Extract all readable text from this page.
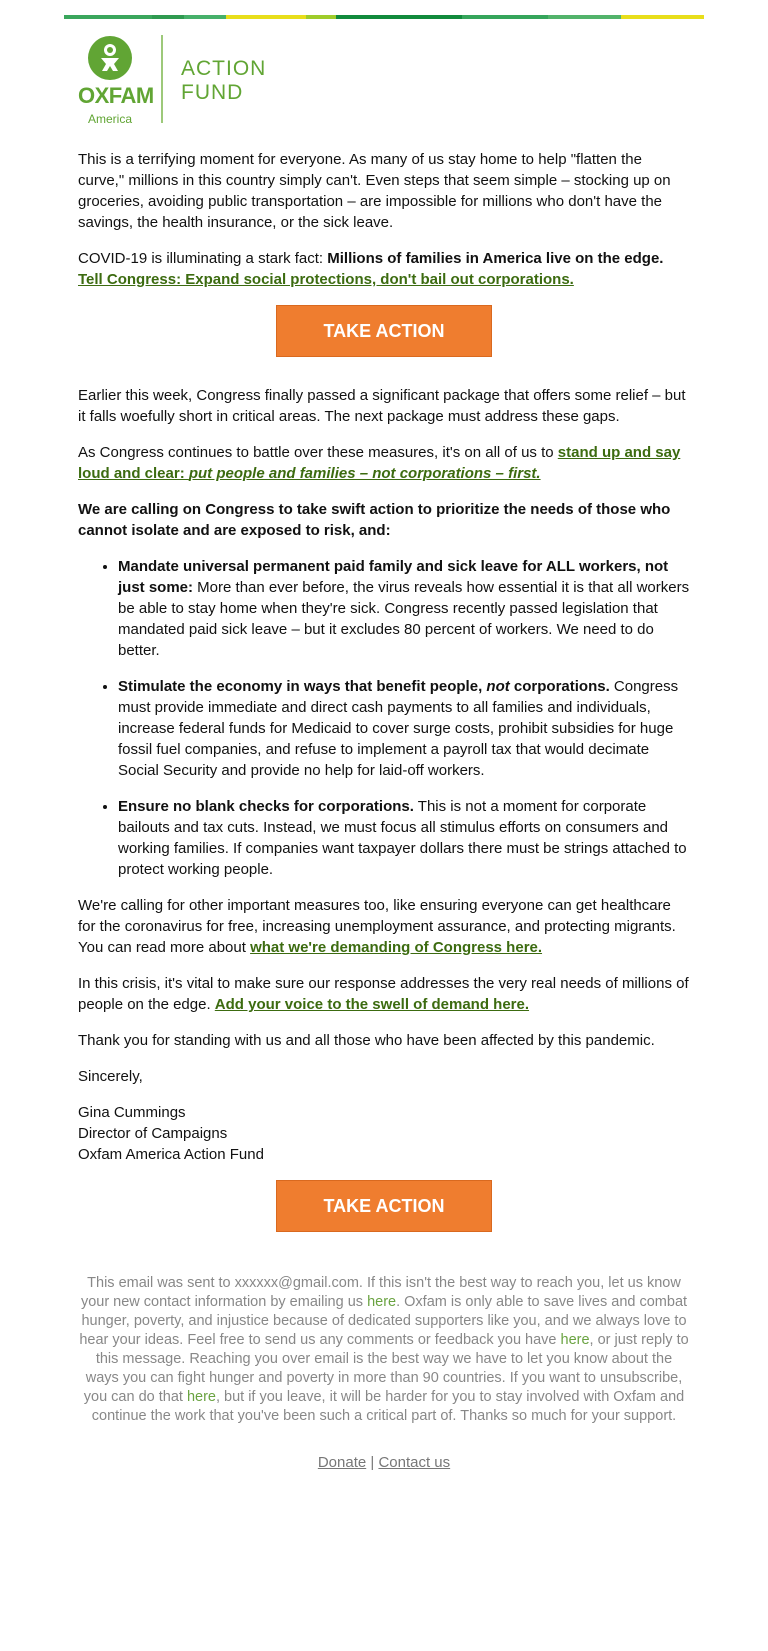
OXFAM
America
ACTION
FUND

This is a terrifying moment for everyone. As many of us stay home to help "flatten the curve," millions in this country simply can't. Even steps that seem simple – stocking up on groceries, avoiding public transportation – are impossible for millions who don't have the savings, the health insurance, or the sick leave.

COVID-19 is illuminating a stark fact: Millions of families in America live on the edge.
Tell Congress: Expand social protections, don't bail out corporations.

TAKE ACTION

Earlier this week, Congress finally passed a significant package that offers some relief – but it falls woefully short in critical areas. The next package must address these gaps.

As Congress continues to battle over these measures, it's on all of us to stand up and say loud and clear: put people and families – not corporations – first.

We are calling on Congress to take swift action to prioritize the needs of those who cannot isolate and are exposed to risk, and:

• Mandate universal permanent paid family and sick leave for ALL workers, not just some: More than ever before, the virus reveals how essential it is that all workers be able to stay home when they're sick. Congress recently passed legislation that mandated paid sick leave – but it excludes 80 percent of workers. We need to do better.
• Stimulate the economy in ways that benefit people, not corporations. Congress must provide immediate and direct cash payments to all families and individuals, increase federal funds for Medicaid to cover surge costs, prohibit subsidies for huge fossil fuel companies, and refuse to implement a payroll tax that would decimate Social Security and provide no help for laid-off workers.
• Ensure no blank checks for corporations. This is not a moment for corporate bailouts and tax cuts. Instead, we must focus all stimulus efforts on consumers and working families. If companies want taxpayer dollars there must be strings attached to protect working people.

We're calling for other important measures too, like ensuring everyone can get healthcare for the coronavirus for free, increasing unemployment assurance, and protecting migrants. You can read more about what we're demanding of Congress here.

In this crisis, it's vital to make sure our response addresses the very real needs of millions of people on the edge. Add your voice to the swell of demand here.

Thank you for standing with us and all those who have been affected by this pandemic.

Sincerely,

Gina Cummings
Director of Campaigns
Oxfam America Action Fund

TAKE ACTION
This email was sent to xxxxxx@gmail.com. If this isn't the best way to reach you, let us know your new contact information by emailing us here. Oxfam is only able to save lives and combat hunger, poverty, and injustice because of dedicated supporters like you, and we always love to hear your ideas. Feel free to send us any comments or feedback you have here, or just reply to this message. Reaching you over email is the best way we have to let you know about the ways you can fight hunger and poverty in more than 90 countries. If you want to unsubscribe, you can do that here, but if you leave, it will be harder for you to stay involved with Oxfam and continue the work that you've been such a critical part of. Thanks so much for your support.
Donate | Contact us
